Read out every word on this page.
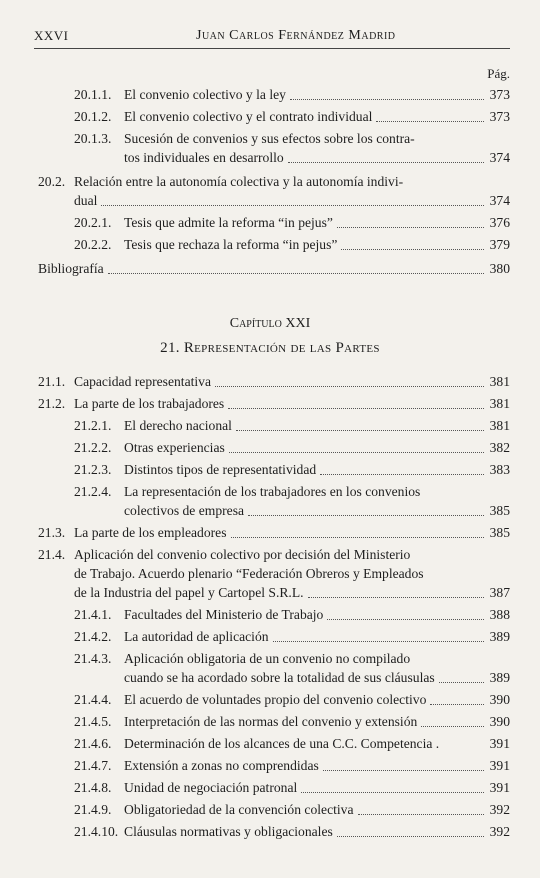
XXVI	Juan Carlos Fernández Madrid
Pág.
20.1.1. El convenio colectivo y la ley	373
20.1.2. El convenio colectivo y el contrato individual	373
20.1.3. Sucesión de convenios y sus efectos sobre los contra-
tos individuales en desarrollo	374
20.2. Relación entre la autonomía colectiva y la autonomía indivi-
dual	374
20.2.1. Tesis que admite la reforma “in pejus”	376
20.2.2. Tesis que rechaza la reforma “in pejus”	379
Bibliografía	380
Capítulo XXI
21. Representación de las Partes
21.1. Capacidad representativa	381
21.2. La parte de los trabajadores	381
21.2.1. El derecho nacional	381
21.2.2. Otras experiencias	382
21.2.3. Distintos tipos de representatividad	383
21.2.4. La representación de los trabajadores en los convenios
colectivos de empresa	385
21.3. La parte de los empleadores	385
21.4. Aplicación del convenio colectivo por decisión del Ministerio
de Trabajo. Acuerdo plenario “Federación Obreros y Empleados
de la Industria del papel y Cartopel S.R.L.	387
21.4.1. Facultades del Ministerio de Trabajo	388
21.4.2. La autoridad de aplicación	389
21.4.3. Aplicación obligatoria de un convenio no compilado
cuando se ha acordado sobre la totalidad de sus cláusulas	389
21.4.4. El acuerdo de voluntades propio del convenio colectivo	390
21.4.5. Interpretación de las normas del convenio y extensión	390
21.4.6. Determinación de los alcances de una C.C. Competencia .	391
21.4.7. Extensión a zonas no comprendidas	391
21.4.8. Unidad de negociación patronal	391
21.4.9. Obligatoriedad de la convención colectiva	392
21.4.10. Cláusulas normativas y obligacionales	392
